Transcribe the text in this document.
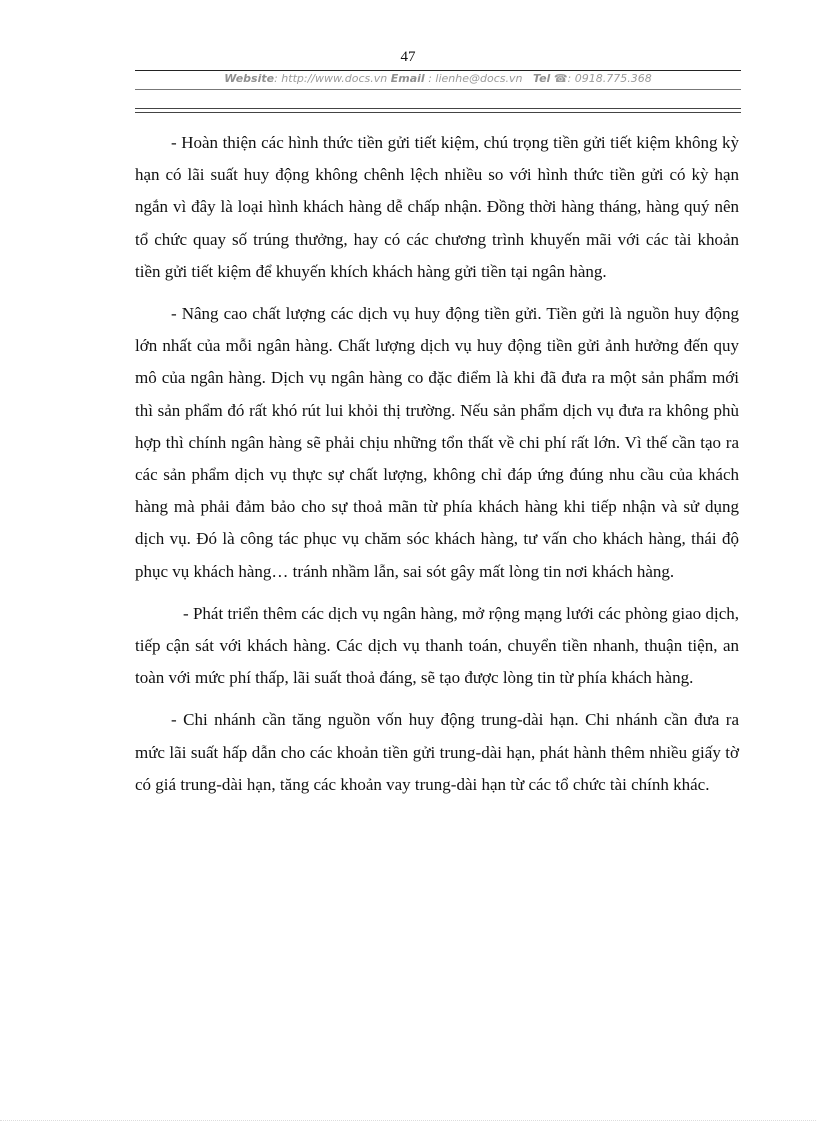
47
Website: http://www.docs.vn Email : lienhe@docs.vn Tel ☎: 0918.775.368

- Hoàn thiện các hình thức tiền gửi tiết kiệm, chú trọng tiền gửi tiết kiệm không kỳ hạn có lãi suất huy động không chênh lệch nhiều so với hình thức tiền gửi có kỳ hạn ngắn vì đây là loại hình khách hàng dễ chấp nhận. Đồng thời hàng tháng, hàng quý nên tổ chức quay số trúng thưởng, hay có các chương trình khuyến mãi với các tài khoản tiền gửi tiết kiệm để khuyến khích khách hàng gửi tiền tại ngân hàng.

- Nâng cao chất lượng các dịch vụ huy động tiền gửi. Tiền gửi là nguồn huy động lớn nhất của mỗi ngân hàng. Chất lượng dịch vụ huy động tiền gửi ảnh hưởng đến quy mô của ngân hàng. Dịch vụ ngân hàng co đặc điểm là khi đã đưa ra một sản phẩm mới thì sản phẩm đó rất khó rút lui khỏi thị trường. Nếu sản phẩm dịch vụ đưa ra không phù hợp thì chính ngân hàng sẽ phải chịu những tổn thất về chi phí rất lớn. Vì thế cần tạo ra các sản phẩm dịch vụ thực sự chất lượng, không chỉ đáp ứng đúng nhu cầu của khách hàng mà phải đảm bảo cho sự thoả mãn từ phía khách hàng khi tiếp nhận và sử dụng dịch vụ. Đó là công tác phục vụ chăm sóc khách hàng, tư vấn cho khách hàng, thái độ phục vụ khách hàng… tránh nhầm lẫn, sai sót gây mất lòng tin nơi khách hàng.

- Phát triển thêm các dịch vụ ngân hàng, mở rộng mạng lưới các phòng giao dịch, tiếp cận sát với khách hàng. Các dịch vụ thanh toán, chuyển tiền nhanh, thuận tiện, an toàn với mức phí thấp, lãi suất thoả đáng, sẽ tạo được lòng tin từ phía khách hàng.

- Chi nhánh cần tăng nguồn vốn huy động trung-dài hạn. Chi nhánh cần đưa ra mức lãi suất hấp dẫn cho các khoản tiền gửi trung-dài hạn, phát hành thêm nhiều giấy tờ có giá trung-dài hạn, tăng các khoản vay trung-dài hạn từ các tổ chức tài chính khác.
